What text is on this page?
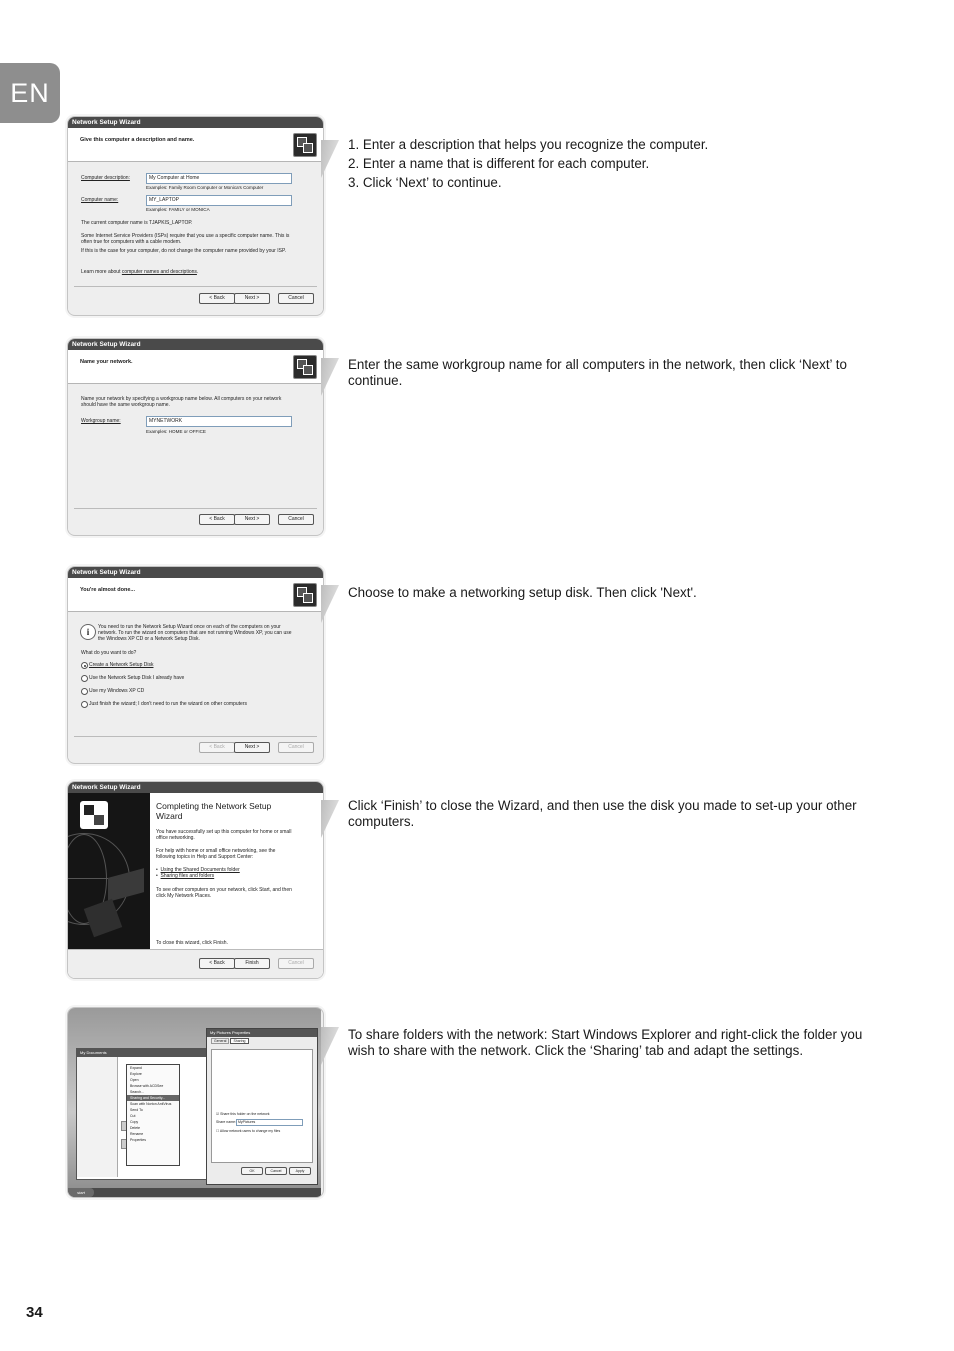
EN
Network Setup Wizard
Give this computer a description and name.
Computer description:	My Computer at Home
Examples: Family Room Computer or Monica's Computer
Computer name:	MY_LAPTOP
Examples: FAMILY or MONICA
The current computer name is TJAPKIS_LAPTOP.
Some Internet Service Providers (ISPs) require that you use a specific computer name. This is
often true for computers with a cable modem.
If this is the case for your computer, do not change the computer name provided by your ISP.
Learn more about computer names and descriptions.
< Back	Next >	Cancel
1. Enter a description that helps you recognize the computer.
2. Enter a name that is different for each computer.
3. Click ‘Next’ to continue.
Network Setup Wizard
Name your network.
Name your network by specifying a workgroup name below. All computers on your network
should have the same workgroup name.
Workgroup name:	MYNETWORK
Examples: HOME or OFFICE
< Back	Next >	Cancel
Enter the same workgroup name for all computers in the network, then click ‘Next’ to continue.
Network Setup Wizard
You're almost done...
i	You need to run the Network Setup Wizard once on each of the computers on your
network. To run the wizard on computers that are not running Windows XP, you can use
the Windows XP CD or a Network Setup Disk.
What do you want to do?
Create a Network Setup Disk
Use the Network Setup Disk I already have
Use my Windows XP CD
Just finish the wizard; I don't need to run the wizard on other computers
< Back	Next >	Cancel
Choose to make a networking setup disk. Then click 'Next'.
Network Setup Wizard
Completing the Network Setup
Wizard
You have successfully set up this computer for home or small
office networking.
For help with home or small office networking, see the
following topics in Help and Support Center:
•  Using the Shared Documents folder
•  Sharing files and folders
To see other computers on your network, click Start, and then
click My Network Places.
To close this wizard, click Finish.
< Back	Finish	Cancel
Click ‘Finish’ to close the Wizard, and then use the disk you made to set-up your other computers.
My Documents
Expand
Explore
Open
Browse with ACDSee
Search...
Sharing and Security...
Scan with Norton AntiVirus
Send To
Cut
Copy
Delete
Rename
Properties
My Pictures Properties
General Sharing
☑ Share this folder on the network
Share name: MyPictures
☐ Allow network users to change my files
OK	Cancel	Apply
start
To share folders with the network: Start Windows Explorer and right-click the folder you wish to share with the network. Click the ‘Sharing’ tab and adapt the settings.
34
